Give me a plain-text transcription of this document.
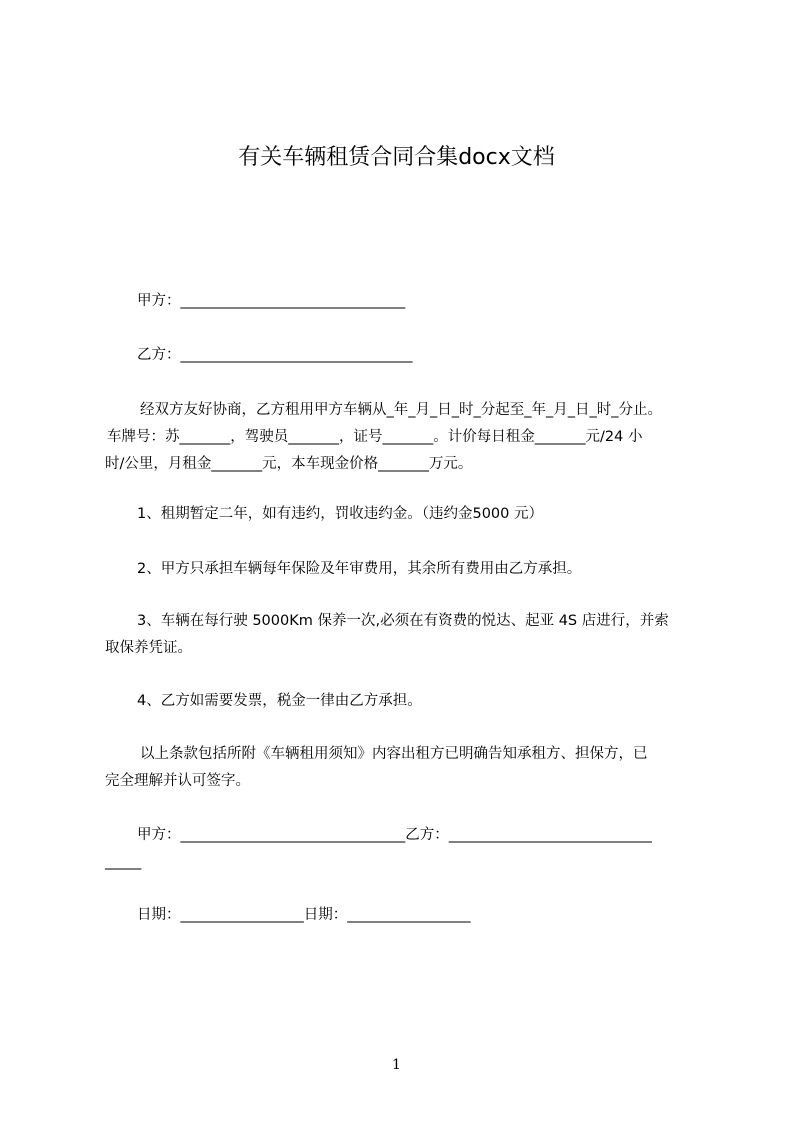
有关车辆租赁合同合集docx文档
甲方：_______________________________
乙方：________________________________
经双方友好协商，乙方租用甲方车辆从_年_月_日_时_分起至_年_月_日_时_分止。
车牌号：苏_______，驾驶员_______，证号_______。计价每日租金_______元/24 小
时/公里，月租金_______元，本车现金价格_______万元。
1、租期暂定二年，如有违约，罚收违约金。（违约金5000 元）
2、甲方只承担车辆每年保险及年审费用，其余所有费用由乙方承担。
3、车辆在每行驶 5000Km 保养一次,必须在有资费的悦达、起亚 4S 店进行，并索
取保养凭证。
4、乙方如需要发票，税金一律由乙方承担。
以上条款包括所附《车辆租用须知》内容出租方已明确告知承租方、担保方，已
完全理解并认可签字。
甲方：_______________________________乙方：____________________________
_____
日期：_________________日期：_________________
1
